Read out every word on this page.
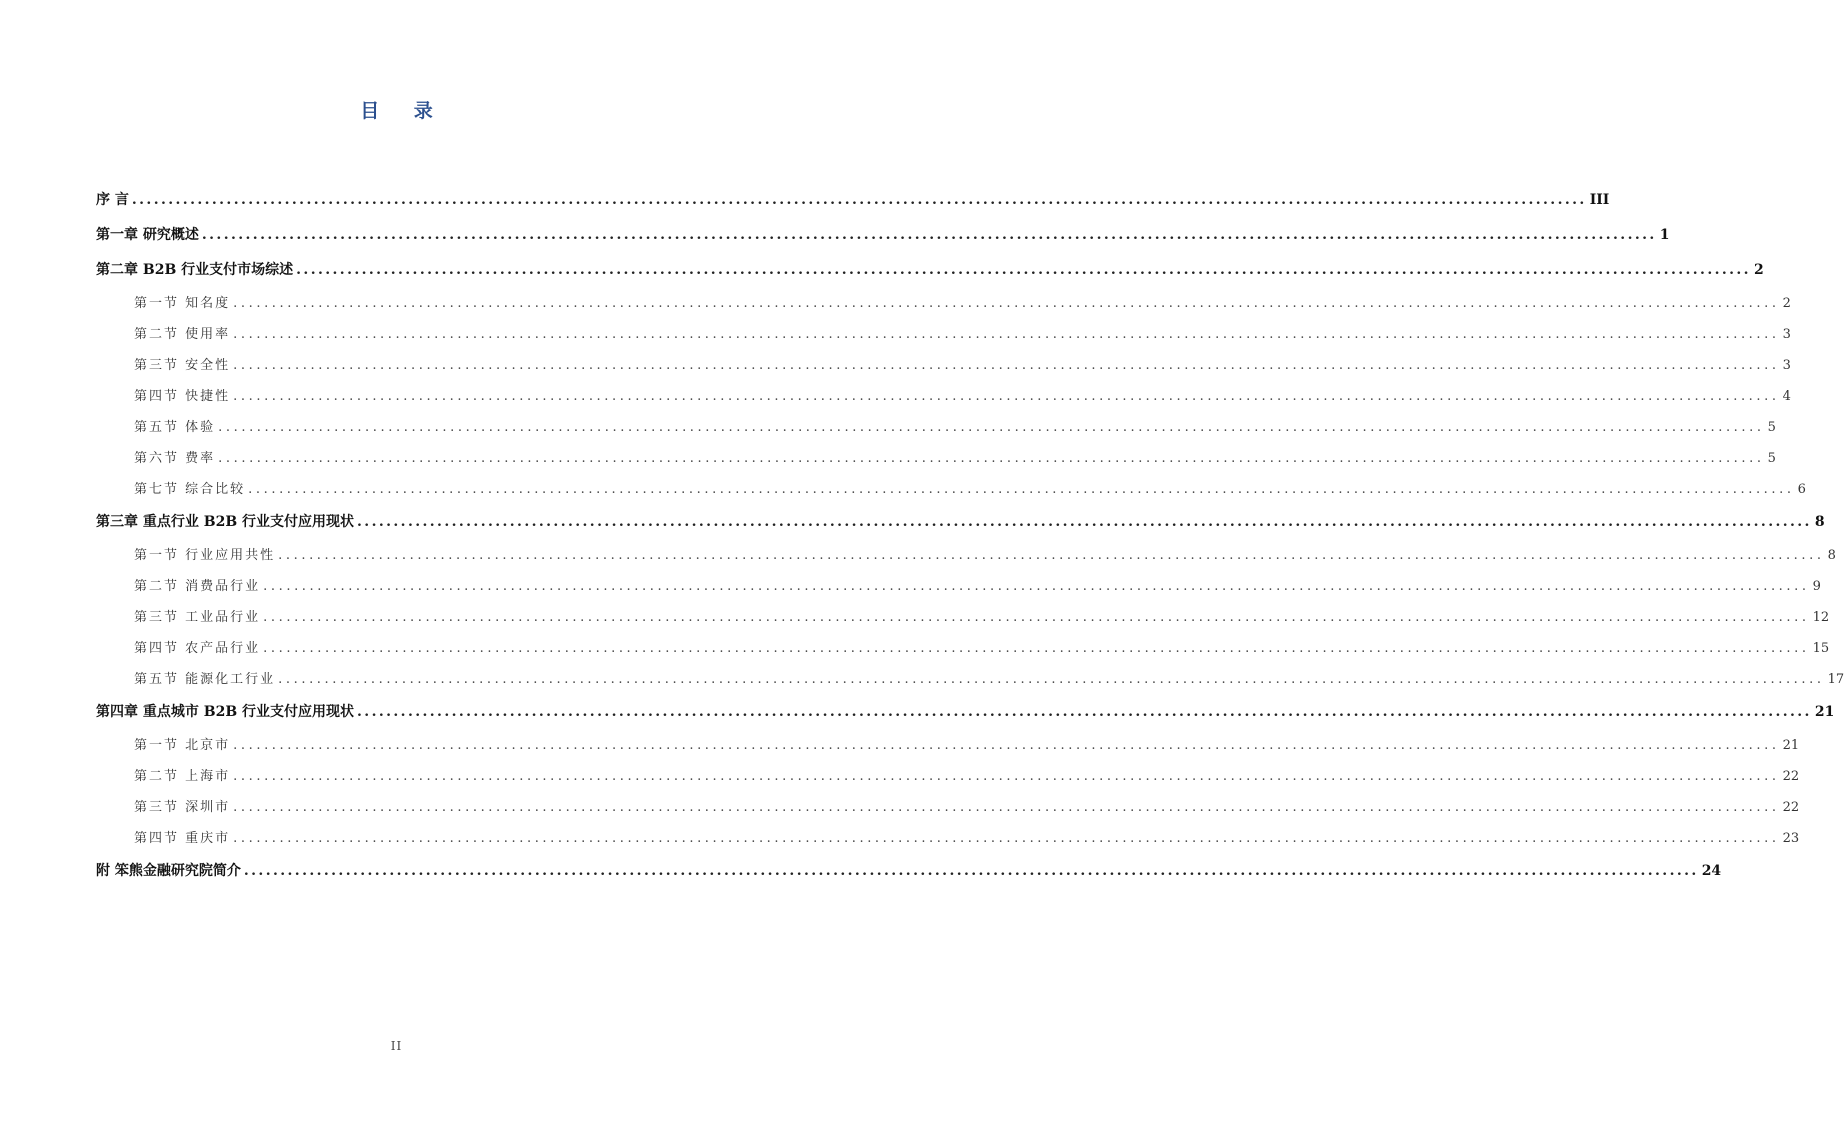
目 录
序 言 ........................................................................................................................................................................................................ III
第一章 研究概述 ........................................................................................................................................................................................................ 1
第二章 B2B 行业支付市场综述 ........................................................................................................................................................................................................ 2
第一节 知名度 ........................................................................................................................................................................................................ 2
第二节 使用率 ........................................................................................................................................................................................................ 3
第三节 安全性 ........................................................................................................................................................................................................ 3
第四节 快捷性 ........................................................................................................................................................................................................ 4
第五节 体验 ........................................................................................................................................................................................................ 5
第六节 费率 ........................................................................................................................................................................................................ 5
第七节 综合比较 ........................................................................................................................................................................................................ 6
第三章 重点行业 B2B 行业支付应用现状 ........................................................................................................................................................................................................ 8
第一节 行业应用共性 ........................................................................................................................................................................................................ 8
第二节 消费品行业 ........................................................................................................................................................................................................ 9
第三节 工业品行业 ........................................................................................................................................................................................................ 12
第四节 农产品行业 ........................................................................................................................................................................................................ 15
第五节 能源化工行业 ........................................................................................................................................................................................................ 17
第四章 重点城市 B2B 行业支付应用现状 ........................................................................................................................................................................................................ 21
第一节 北京市 ........................................................................................................................................................................................................ 21
第二节 上海市 ........................................................................................................................................................................................................ 22
第三节 深圳市 ........................................................................................................................................................................................................ 22
第四节 重庆市 ........................................................................................................................................................................................................ 23
附 笨熊金融研究院简介 ........................................................................................................................................................................................................ 24
II
